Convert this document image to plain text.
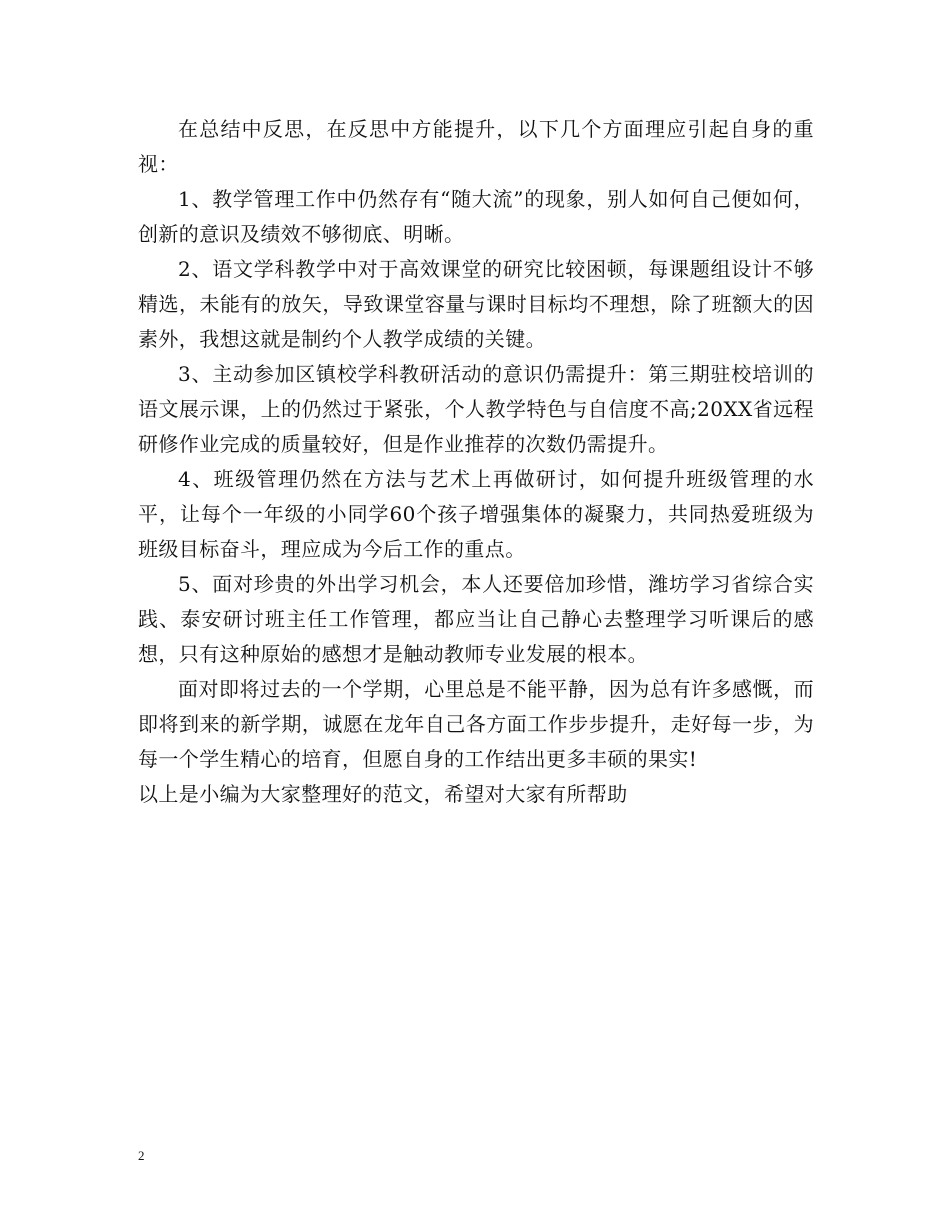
在总结中反思，在反思中方能提升，以下几个方面理应引起自身的重视：

1、教学管理工作中仍然存有“随大流”的现象，别人如何自己便如何，创新的意识及绩效不够彻底、明晰。

2、语文学科教学中对于高效课堂的研究比较困顿，每课题组设计不够精选，未能有的放矢，导致课堂容量与课时目标均不理想，除了班额大的因素外，我想这就是制约个人教学成绩的关键。

3、主动参加区镇校学科教研活动的意识仍需提升：第三期驻校培训的语文展示课，上的仍然过于紧张，个人教学特色与自信度不高;20XX省远程研修作业完成的质量较好，但是作业推荐的次数仍需提升。

4、班级管理仍然在方法与艺术上再做研讨，如何提升班级管理的水平，让每个一年级的小同学60个孩子增强集体的凝聚力，共同热爱班级为班级目标奋斗，理应成为今后工作的重点。

5、面对珍贵的外出学习机会，本人还要倍加珍惜，潍坊学习省综合实践、泰安研讨班主任工作管理，都应当让自己静心去整理学习听课后的感想，只有这种原始的感想才是触动教师专业发展的根本。

面对即将过去的一个学期，心里总是不能平静，因为总有许多感慨，而即将到来的新学期，诚愿在龙年自己各方面工作步步提升，走好每一步，为每一个学生精心的培育，但愿自身的工作结出更多丰硕的果实!

以上是小编为大家整理好的范文，希望对大家有所帮助

2
